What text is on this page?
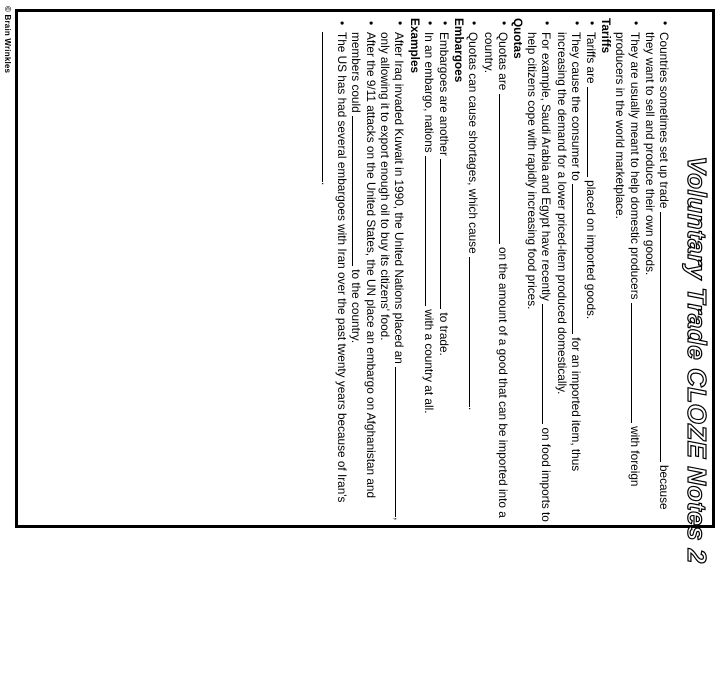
© Brain Wrinkles
Voluntary Trade CLOZE Notes 2
• Countries sometimes set up trade  because they want to sell and produce their own goods.
• They are usually meant to help domestic producers  with foreign producers in the world marketplace.

Tariffs

• Tariffs are  placed on imported goods.
• They cause the consumer to  for an imported item, thus increasing the demand for a lower priced-item produced domestically.
• For example, Saudi Arabia and Egypt have recently  on food imports to help citizens cope with rapidly increasing food prices.

Quotas

• Quotas are  on the amount of a good that can be imported into a country.
• Quotas can cause shortages, which cause .

Embargoes

• Embargoes are another  to trade.
• In an embargo, nations  with a country at all.

Examples

• After Iraq invaded Kuwait in 1990, the United Nations placed an , only allowing it to export enough oil to buy its citizens' food.
• After the 9/11 attacks on the United States, the UN place an embargo on Afghanistan and members could  to the country.
• The US has had several embargoes with Iran over the past twenty years because of Iran's .
